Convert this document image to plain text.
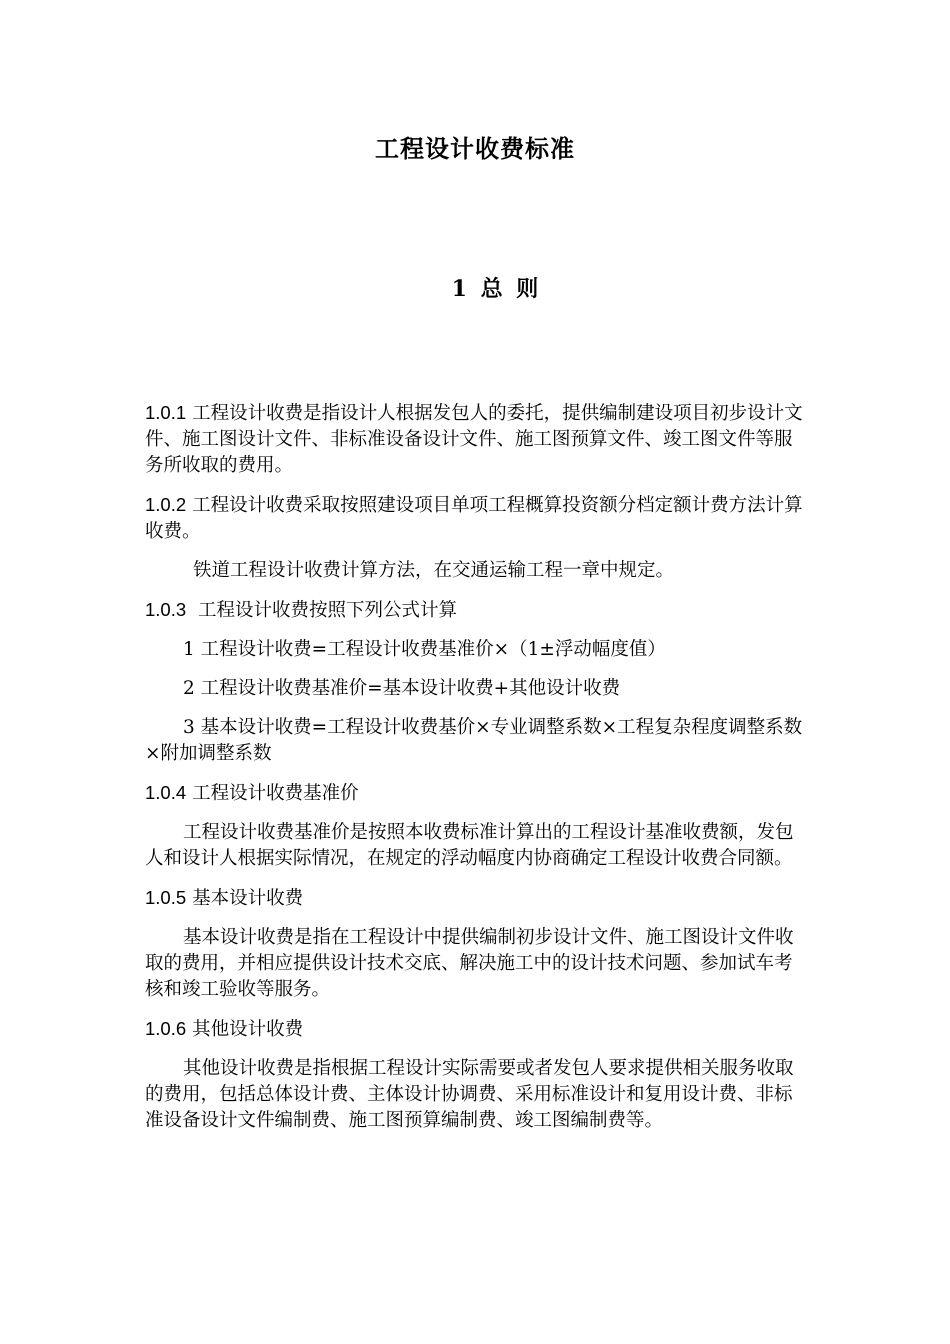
工程设计收费标准
1 总 则

1.0.1 工程设计收费是指设计人根据发包人的委托，提供编制建设项目初步设计文件、施工图设计文件、非标准设备设计文件、施工图预算文件、竣工图文件等服务所收取的费用。

1.0.2 工程设计收费采取按照建设项目单项工程概算投资额分档定额计费方法计算收费。

铁道工程设计收费计算方法，在交通运输工程一章中规定。

1.0.3 工程设计收费按照下列公式计算

1 工程设计收费=工程设计收费基准价×（1±浮动幅度值）

2 工程设计收费基准价=基本设计收费+其他设计收费

3 基本设计收费=工程设计收费基价×专业调整系数×工程复杂程度调整系数×附加调整系数

1.0.4 工程设计收费基准价

工程设计收费基准价是按照本收费标准计算出的工程设计基准收费额，发包人和设计人根据实际情况，在规定的浮动幅度内协商确定工程设计收费合同额。

1.0.5 基本设计收费

基本设计收费是指在工程设计中提供编制初步设计文件、施工图设计文件收取的费用，并相应提供设计技术交底、解决施工中的设计技术问题、参加试车考核和竣工验收等服务。

1.0.6 其他设计收费

其他设计收费是指根据工程设计实际需要或者发包人要求提供相关服务收取的费用，包括总体设计费、主体设计协调费、采用标准设计和复用设计费、非标准设备设计文件编制费、施工图预算编制费、竣工图编制费等。
